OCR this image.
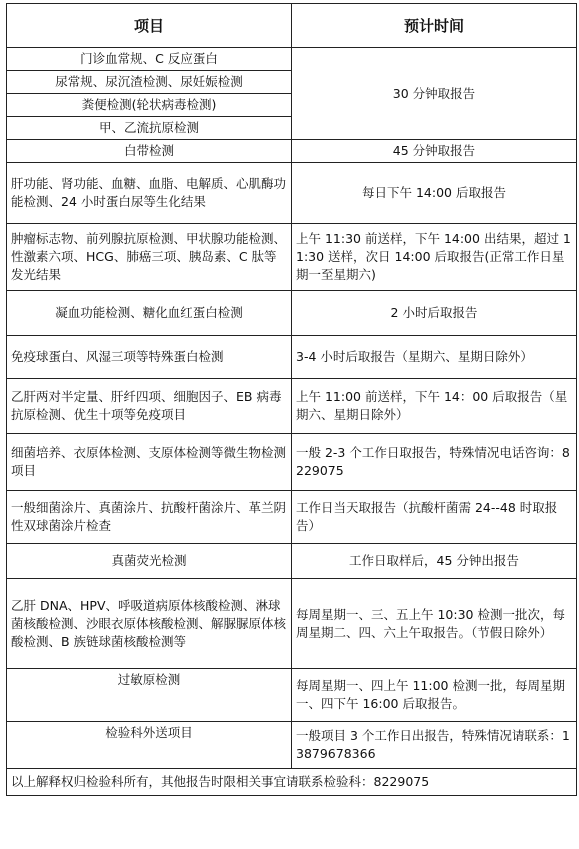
项目	预计时间
门诊血常规、C 反应蛋白	30 分钟取报告
尿常规、尿沉渣检测、尿妊娠检测	
粪便检测(轮状病毒检测)	
甲、乙流抗原检测	
白带检测	45 分钟取报告
肝功能、肾功能、血糖、血脂、电解质、心肌酶功能检测、24 小时蛋白尿等生化结果	每日下午 14:00 后取报告
肿瘤标志物、前列腺抗原检测、甲状腺功能检测、性激素六项、HCG、肺癌三项、胰岛素、C 肽等发光结果	上午 11:30 前送样，下午 14:00 出结果，超过 11:30 送样，次日 14:00 后取报告(正常工作日星期一至星期六)
凝血功能检测、糖化血红蛋白检测	2 小时后取报告
免疫球蛋白、风湿三项等特殊蛋白检测	3-4 小时后取报告（星期六、星期日除外）
乙肝两对半定量、肝纤四项、细胞因子、EB 病毒抗原检测、优生十项等免疫项目	上午 11:00 前送样，下午 14：00 后取报告（星期六、星期日除外）
细菌培养、衣原体检测、支原体检测等微生物检测项目	一般 2-3 个工作日取报告，特殊情况电话咨询：8229075
一般细菌涂片、真菌涂片、抗酸杆菌涂片、革兰阴性双球菌涂片检查	工作日当天取报告（抗酸杆菌需 24--48 时取报告）
真菌荧光检测	工作日取样后，45 分钟出报告
乙肝 DNA、HPV、呼吸道病原体核酸检测、淋球菌核酸检测、沙眼衣原体核酸检测、解脲脲原体核酸检测、B 族链球菌核酸检测等	每周星期一、三、五上午 10:30 检测一批次，每周星期二、四、六上午取报告。（节假日除外）
过敏原检测	每周星期一、四上午 11:00 检测一批，每周星期一、四下午 16:00 后取报告。
检验科外送项目	一般项目 3 个工作日出报告，特殊情况请联系：13879678366
以上解释权归检验科所有，其他报告时限相关事宜请联系检验科：8229075	
